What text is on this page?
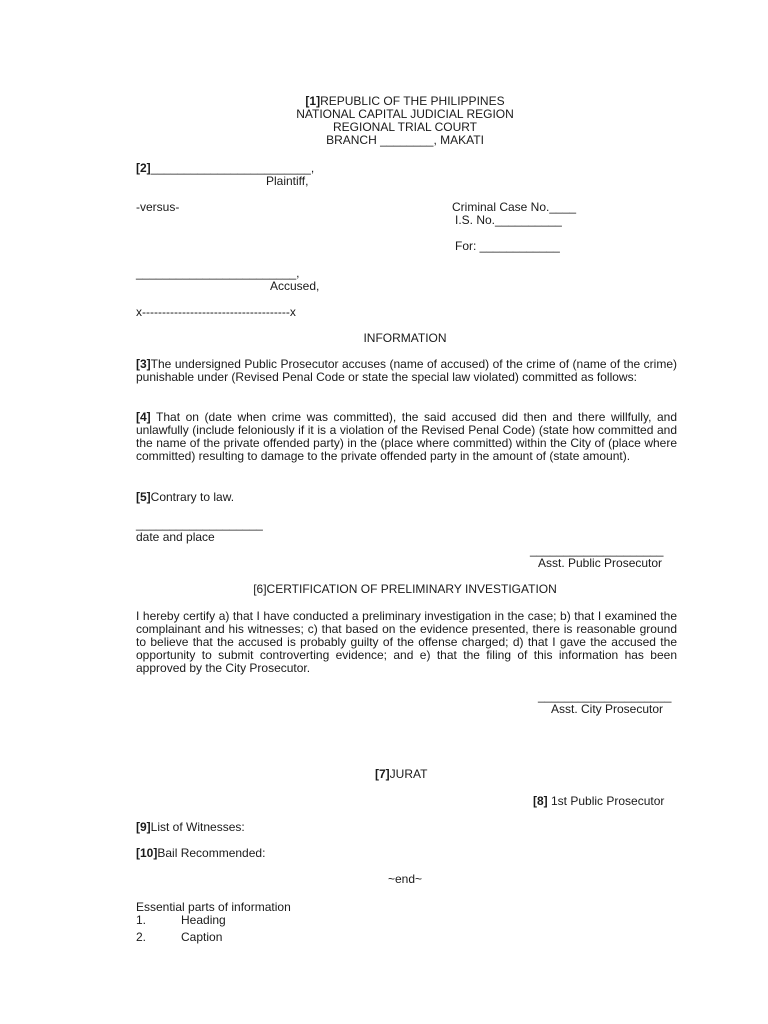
[1]REPUBLIC OF THE PHILIPPINES
NATIONAL CAPITAL JUDICIAL REGION
REGIONAL TRIAL COURT
BRANCH ________, MAKATI
[2]________________________,
Plaintiff,
-versus-	Criminal Case No.____
I.S. No.__________
For: ____________
________________________,
Accused,
x-------------------------------------x
INFORMATION
[3]The undersigned Public Prosecutor accuses (name of accused) of the crime of (name of the crime) punishable under (Revised Penal Code or state the special law violated) committed as follows:
[4] That on (date when crime was committed), the said accused did then and there willfully, and unlawfully (include feloniously if it is a violation of the Revised Penal Code) (state how committed and the name of the private offended party) in the (place where committed) within the City of (place where committed) resulting to damage to the private offended party in the amount of (state amount).
[5]Contrary to law.
___________________
date and place
____________________
Asst. Public Prosecutor
[6]CERTIFICATION OF PRELIMINARY INVESTIGATION
I hereby certify a) that I have conducted a preliminary investigation in the case; b) that I examined the complainant and his witnesses; c) that based on the evidence presented, there is reasonable ground to believe that the accused is probably guilty of the offense charged; d) that I gave the accused the opportunity to submit controverting evidence; and e) that the filing of this information has been approved by the City Prosecutor.
____________________
Asst. City Prosecutor
[7]JURAT
[8] 1st Public Prosecutor
[9]List of Witnesses:
[10]Bail Recommended:
~end~
Essential parts of information
1.	Heading
2.	Caption
